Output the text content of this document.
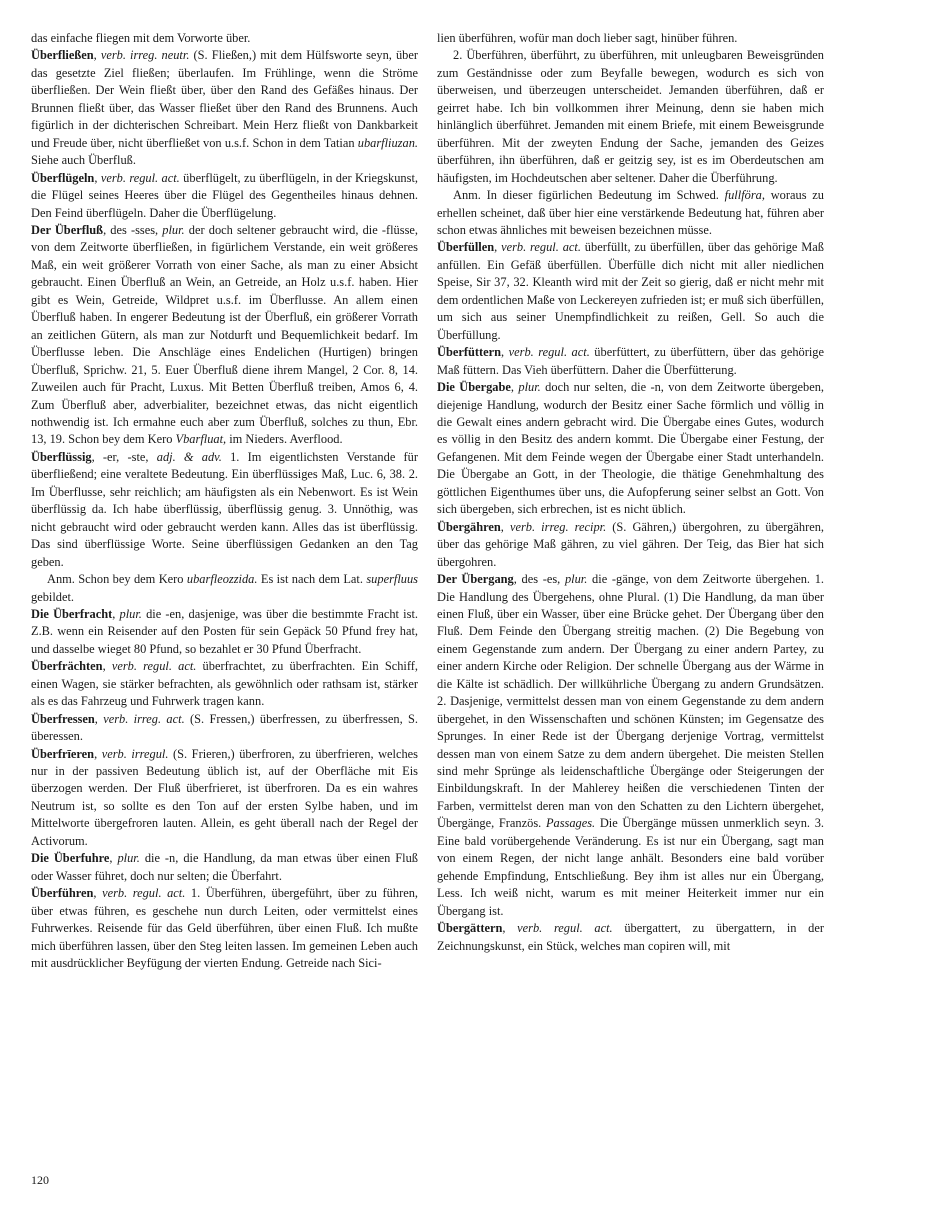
das einfache fliegen mit dem Vorworte über.

Überfließen, verb. irreg. neutr. (S. Fließen,) mit dem Hülfsworte seyn, über das gesetzte Ziel fließen; überlaufen. Im Frühlinge, wenn die Ströme überfließen. Der Wein fließt über, über den Rand des Gefäßes hinaus. Der Brunnen fließt über, das Wasser fließet über den Rand des Brunnens. Auch figürlich in der dichterischen Schreibart. Mein Herz fließt von Dankbarkeit und Freude über, nicht überfließet von u.s.f. Schon in dem Tatian ubarfliuzan. Siehe auch Überfluß.

Überflügeln, verb. regul. act. überflügelt, zu überflügeln, in der Kriegskunst, die Flügel seines Heeres über die Flügel des Gegentheiles hinaus dehnen. Den Feind überflügeln. Daher die Überflügelung.

Der Überfluß, des -sses, plur. der doch seltener gebraucht wird, die -flüsse, von dem Zeitworte überfließen, in figürlichem Verstande, ein weit größeres Maß, ein weit größerer Vorrath von einer Sache, als man zu einer Absicht gebraucht. Einen Überfluß an Wein, an Getreide, an Holz u.s.f. haben. Hier gibt es Wein, Getreide, Wildpret u.s.f. im Überflusse. An allem einen Überfluß haben. In engerer Bedeutung ist der Überfluß, ein größerer Vorrath an zeitlichen Gütern, als man zur Notdurft und Bequemlichkeit bedarf. Im Überflusse leben. Die Anschläge eines Endelichen (Hurtigen) bringen Überfluß, Sprichw. 21, 5. Euer Überfluß diene ihrem Mangel, 2 Cor. 8, 14. Zuweilen auch für Pracht, Luxus. Mit Betten Überfluß treiben, Amos 6, 4. Zum Überfluß aber, adverbialiter, bezeichnet etwas, das nicht eigentlich nothwendig ist. Ich ermahne euch aber zum Überfluß, solches zu thun, Ebr. 13, 19. Schon bey dem Kero Vbarfluat, im Nieders. Averflood.

Überflüssig, -er, -ste, adj. & adv. 1. Im eigentlichsten Verstande für überfließend; eine veraltete Bedeutung. Ein überflüssiges Maß, Luc. 6, 38. 2. Im Überflusse, sehr reichlich; am häufigsten als ein Nebenwort. Es ist Wein überflüssig da. Ich habe überflüssig, überflüssig genug. 3. Unnöthig, was nicht gebraucht wird oder gebraucht werden kann. Alles das ist überflüssig. Das sind überflüssige Worte. Seine überflüssigen Gedanken an den Tag geben.

Anm. Schon bey dem Kero ubarfleozzida. Es ist nach dem Lat. superfluus gebildet.

Die Überfracht, plur. die -en, dasjenige, was über die bestimmte Fracht ist. Z.B. wenn ein Reisender auf den Posten für sein Gepäck 50 Pfund frey hat, und dasselbe wieget 80 Pfund, so bezahlet er 30 Pfund Überfracht.

Überfrächten, verb. regul. act. überfrachtet, zu überfrachten. Ein Schiff, einen Wagen, sie stärker befrachten, als gewöhnlich oder rathsam ist, stärker als es das Fahrzeug und Fuhrwerk tragen kann.

Überfressen, verb. irreg. act. (S. Fressen,) überfressen, zu überfressen, S. überessen.

Überfrīeren, verb. irregul. (S. Frieren,) überfroren, zu überfrieren, welches nur in der passiven Bedeutung üblich ist, auf der Oberfläche mit Eis überzogen werden. Der Fluß überfrieret, ist überfroren. Da es ein wahres Neutrum ist, so sollte es den Ton auf der ersten Sylbe haben, und im Mittelworte übergefroren lauten. Allein, es geht überall nach der Regel der Activorum.

Die Überfuhre, plur. die -n, die Handlung, da man etwas über einen Fluß oder Wasser führet, doch nur selten; die Überfahrt.

Überführen, verb. regul. act. 1. Überführen, übergeführt, über zu führen, über etwas führen, es geschehe nun durch Leiten, oder vermittelst eines Fuhrwerkes. Reisende für das Geld überführen, über einen Fluß. Ich mußte mich überführen lassen, über den Steg leiten lassen. Im gemeinen Leben auch mit ausdrücklicher Beyfügung der vierten Endung. Getreide nach Sici-

lien überführen, wofür man doch lieber sagt, hinüber führen.

2. Überführen, überführt, zu überführen, mit unleugbaren Beweisgründen zum Geständnisse oder zum Beyfalle bewegen, wodurch es sich von überweisen, und überzeugen unterscheidet. Jemanden überführen, daß er geirret habe. Ich bin vollkommen ihrer Meinung, denn sie haben mich hinlänglich überführet. Jemanden mit einem Briefe, mit einem Beweisgrunde überführen. Mit der zweyten Endung der Sache, jemanden des Geizes überführen, ihn überführen, daß er geitzig sey, ist es im Oberdeutschen am häufigsten, im Hochdeutschen aber seltener. Daher die Überführung.

Anm. In dieser figürlichen Bedeutung im Schwed. fullföra, woraus zu erhellen scheinet, daß über hier eine verstärkende Bedeutung hat, führen aber schon etwas ähnliches mit beweisen bezeichnen müsse.

Überfüllen, verb. regul. act. überfüllt, zu überfüllen, über das gehörige Maß anfüllen. Ein Gefäß überfüllen. Überfülle dich nicht mit aller niedlichen Speise, Sir 37, 32. Kleanth wird mit der Zeit so gierig, daß er nicht mehr mit dem ordentlichen Maße von Leckereyen zufrieden ist; er muß sich überfüllen, um sich aus seiner Unempfindlichkeit zu reißen, Gell. So auch die Überfüllung.

Überfüttern, verb. regul. act. überfüttert, zu überfüttern, über das gehörige Maß füttern. Das Vieh überfüttern. Daher die Überfütterung.

Die Übergabe, plur. doch nur selten, die -n, von dem Zeitworte übergeben, diejenige Handlung, wodurch der Besitz einer Sache förmlich und völlig in die Gewalt eines andern gebracht wird. Die Übergabe eines Gutes, wodurch es völlig in den Besitz des andern kommt. Die Übergabe einer Festung, der Gefangenen. Mit dem Feinde wegen der Übergabe einer Stadt unterhandeln. Die Übergabe an Gott, in der Theologie, die thätige Genehmhaltung des göttlichen Eigenthumes über uns, die Aufopferung seiner selbst an Gott. Von sich übergeben, sich erbrechen, ist es nicht üblich.

Übergähren, verb. irreg. recipr. (S. Gähren,) übergohren, zu übergähren, über das gehörige Maß gähren, zu viel gähren. Der Teig, das Bier hat sich übergohren.

Der Übergang, des -es, plur. die -gänge, von dem Zeitworte übergehen. 1. Die Handlung des Übergehens, ohne Plural. (1) Die Handlung, da man über einen Fluß, über ein Wasser, über eine Brücke gehet. Der Übergang über den Fluß. Dem Feinde den Übergang streitig machen. (2) Die Begebung von einem Gegenstande zum andern. Der Übergang zu einer andern Partey, zu einer andern Kirche oder Religion. Der schnelle Übergang aus der Wärme in die Kälte ist schädlich. Der willkührliche Übergang zu andern Grundsätzen. 2. Dasjenige, vermittelst dessen man von einem Gegenstande zu dem andern übergehet, in den Wissenschaften und schönen Künsten; im Gegensatze des Sprunges. In einer Rede ist der Übergang derjenige Vortrag, vermittelst dessen man von einem Satze zu dem andern übergehet. Die meisten Stellen sind mehr Sprünge als leidenschaftliche Übergänge oder Steigerungen der Einbildungskraft. In der Mahlerey heißen die verschiedenen Tinten der Farben, vermittelst deren man von den Schatten zu den Lichtern übergehet, Übergänge, Französ. Passages. Die Übergänge müssen unmerklich seyn. 3. Eine bald vorübergehende Veränderung. Es ist nur ein Übergang, sagt man von einem Regen, der nicht lange anhält. Besonders eine bald vorüber gehende Empfindung, Entschließung. Bey ihm ist alles nur ein Übergang, Less. Ich weiß nicht, warum es mit meiner Heiterkeit immer nur ein Übergang ist.

Übergättern, verb. regul. act. übergattert, zu übergattern, in der Zeichnungskunst, ein Stück, welches man copiren will, mit

120
